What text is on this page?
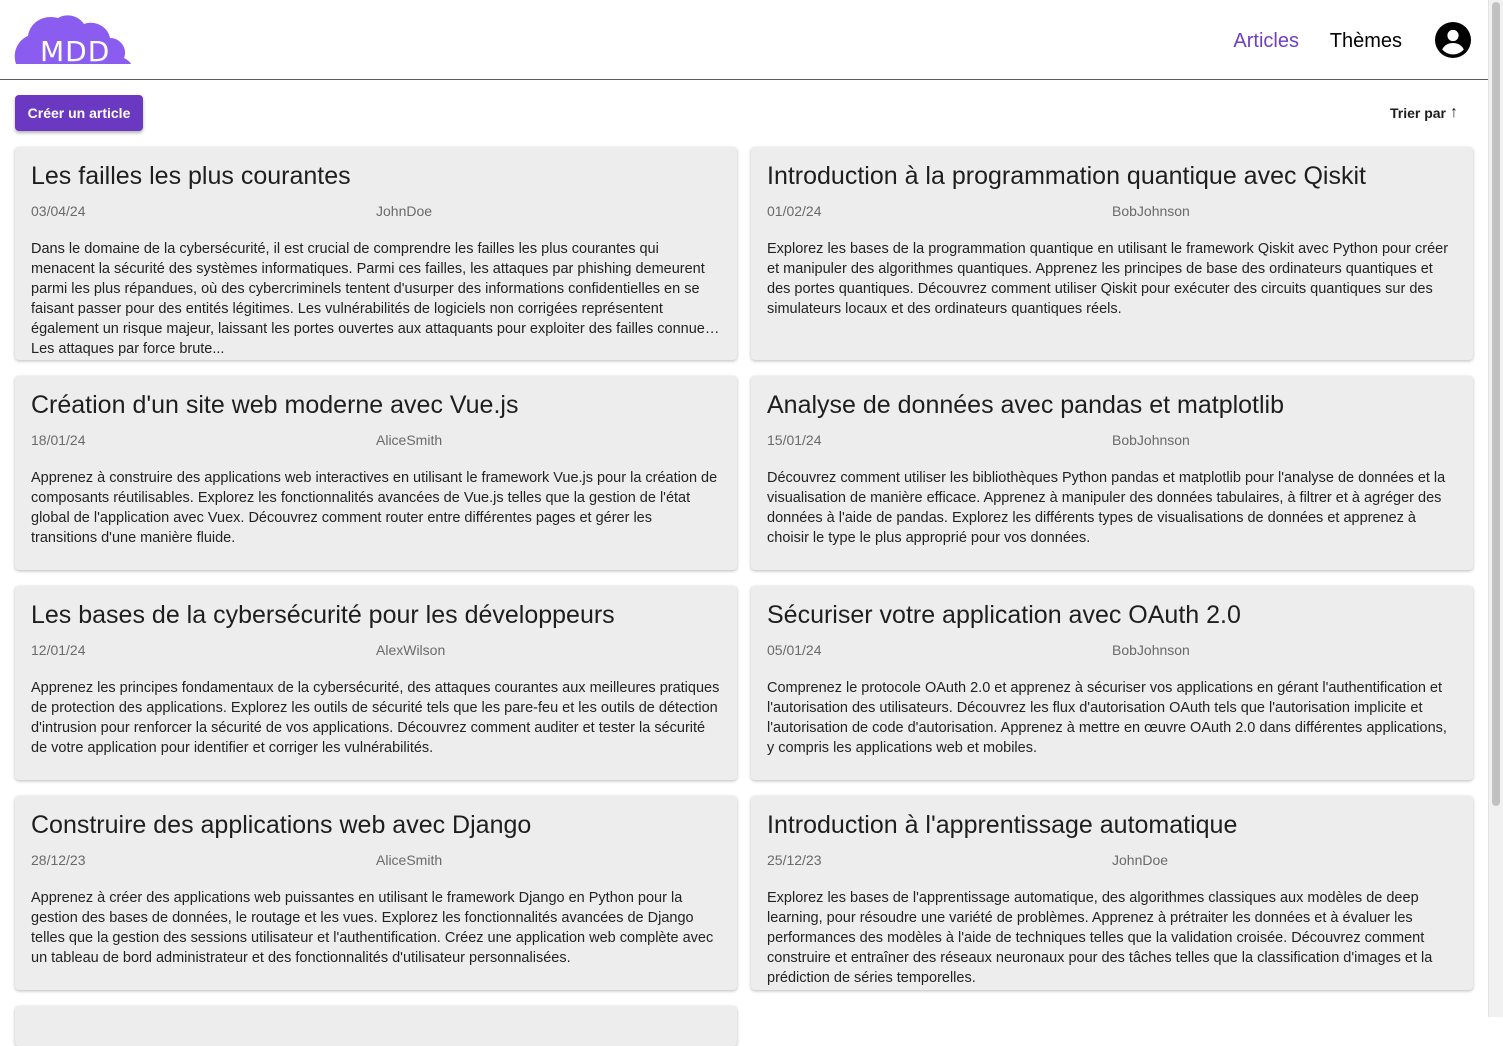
MDD	Articles Thèmes
Créer un article	Trier par ↑
Les failles les plus courantes
03/04/24	JohnDoe
Dans le domaine de la cybersécurité, il est crucial de comprendre les failles les plus courantes qui menacent la sécurité des systèmes informatiques. Parmi ces failles, les attaques par phishing demeurent parmi les plus répandues, où des cybercriminels tentent d'usurper des informations confidentielles en se faisant passer pour des entités légitimes. Les vulnérabilités de logiciels non corrigées représentent également un risque majeur, laissant les portes ouvertes aux attaquants pour exploiter des failles connues. Les attaques par force brute...
Introduction à la programmation quantique avec Qiskit
01/02/24	BobJohnson
Explorez les bases de la programmation quantique en utilisant le framework Qiskit avec Python pour créer et manipuler des algorithmes quantiques. Apprenez les principes de base des ordinateurs quantiques et des portes quantiques. Découvrez comment utiliser Qiskit pour exécuter des circuits quantiques sur des simulateurs locaux et des ordinateurs quantiques réels.
Création d'un site web moderne avec Vue.js
18/01/24	AliceSmith
Apprenez à construire des applications web interactives en utilisant le framework Vue.js pour la création de composants réutilisables. Explorez les fonctionnalités avancées de Vue.js telles que la gestion de l'état global de l'application avec Vuex. Découvrez comment router entre différentes pages et gérer les transitions d'une manière fluide.
Analyse de données avec pandas et matplotlib
15/01/24	BobJohnson
Découvrez comment utiliser les bibliothèques Python pandas et matplotlib pour l'analyse de données et la visualisation de manière efficace. Apprenez à manipuler des données tabulaires, à filtrer et à agréger des données à l'aide de pandas. Explorez les différents types de visualisations de données et apprenez à choisir le type le plus approprié pour vos données.
Les bases de la cybersécurité pour les développeurs
12/01/24	AlexWilson
Apprenez les principes fondamentaux de la cybersécurité, des attaques courantes aux meilleures pratiques de protection des applications. Explorez les outils de sécurité tels que les pare-feu et les outils de détection d'intrusion pour renforcer la sécurité de vos applications. Découvrez comment auditer et tester la sécurité de votre application pour identifier et corriger les vulnérabilités.
Sécuriser votre application avec OAuth 2.0
05/01/24	BobJohnson
Comprenez le protocole OAuth 2.0 et apprenez à sécuriser vos applications en gérant l'authentification et l'autorisation des utilisateurs. Découvrez les flux d'autorisation OAuth tels que l'autorisation implicite et l'autorisation de code d'autorisation. Apprenez à mettre en œuvre OAuth 2.0 dans différentes applications, y compris les applications web et mobiles.
Construire des applications web avec Django
28/12/23	AliceSmith
Apprenez à créer des applications web puissantes en utilisant le framework Django en Python pour la gestion des bases de données, le routage et les vues. Explorez les fonctionnalités avancées de Django telles que la gestion des sessions utilisateur et l'authentification. Créez une application web complète avec un tableau de bord administrateur et des fonctionnalités d'utilisateur personnalisées.
Introduction à l'apprentissage automatique
25/12/23	JohnDoe
Explorez les bases de l'apprentissage automatique, des algorithmes classiques aux modèles de deep learning, pour résoudre une variété de problèmes. Apprenez à prétraiter les données et à évaluer les performances des modèles à l'aide de techniques telles que la validation croisée. Découvrez comment construire et entraîner des réseaux neuronaux pour des tâches telles que la classification d'images et la prédiction de séries temporelles.
